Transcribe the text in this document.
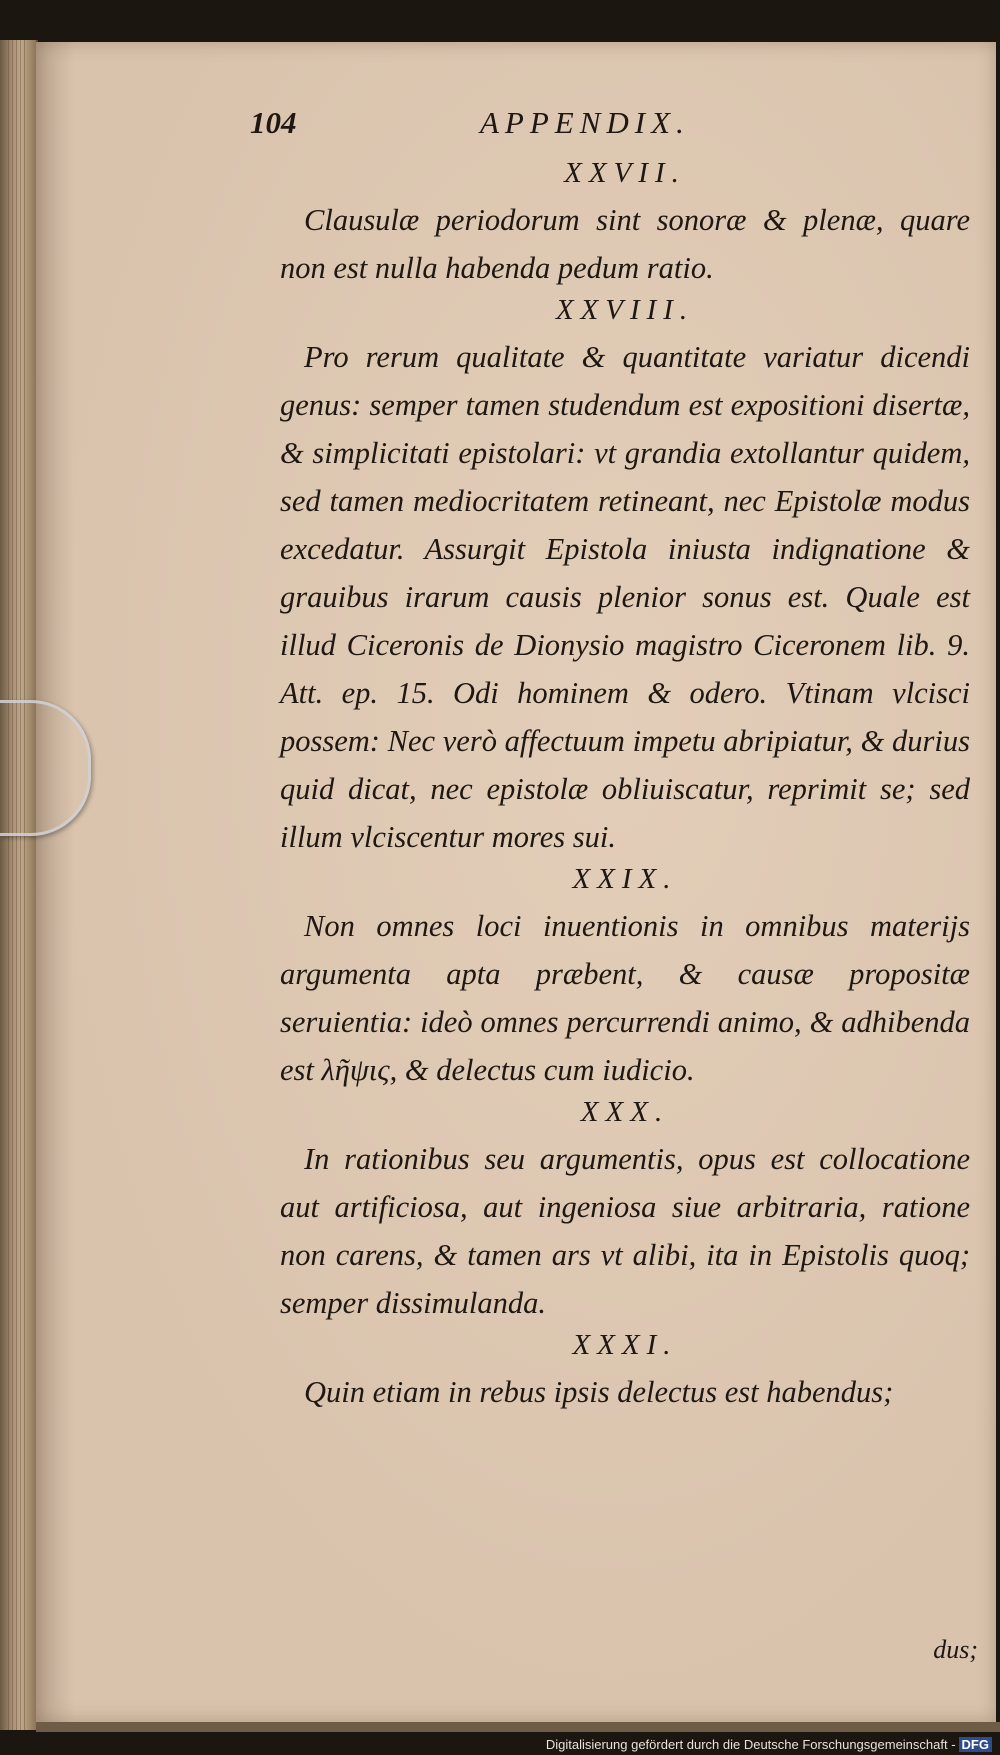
104	APPENDIX.
XXVII.

Clausulæ periodorum sint sonoræ & plenæ, quare non est nulla habenda pedum ratio.

XXVIII.

Pro rerum qualitate & quantitate variatur dicendi genus: semper tamen studendum est expositioni disertæ, & simplicitati epistolari: vt grandia extollantur quidem, sed tamen mediocritatem retineant, nec Epistolæ modus excedatur. Assurgit Epistola iniusta indignatione & grauibus irarum causis plenior sonus est. Quale est illud Ciceronis de Dionysio magistro Ciceronem lib. 9. Att. ep. 15. Odi hominem & odero. Vtinam vlcisci possem: Nec verò affectuum impetu abripiatur, & durius quid dicat, nec epistolæ obliuiscatur, reprimit se; sed illum vlciscentur mores sui.

XXIX.

Non omnes loci inuentionis in omnibus materijs argumenta apta præbent, & causæ propositæ seruientia: ideò omnes percurrendi animo, & adhibenda est λῆψις, & delectus cum iudicio.

XXX.

In rationibus seu argumentis, opus est collocatione aut artificiosa, aut ingeniosa siue arbitraria, ratione non carens, & tamen ars vt alibi, ita in Epistolis quoq; semper dissimulanda.

XXXI.

Quin etiam in rebus ipsis delectus est habendus;

dus;
Digitalisierung gefördert durch die Deutsche Forschungsgemeinschaft - DFG
